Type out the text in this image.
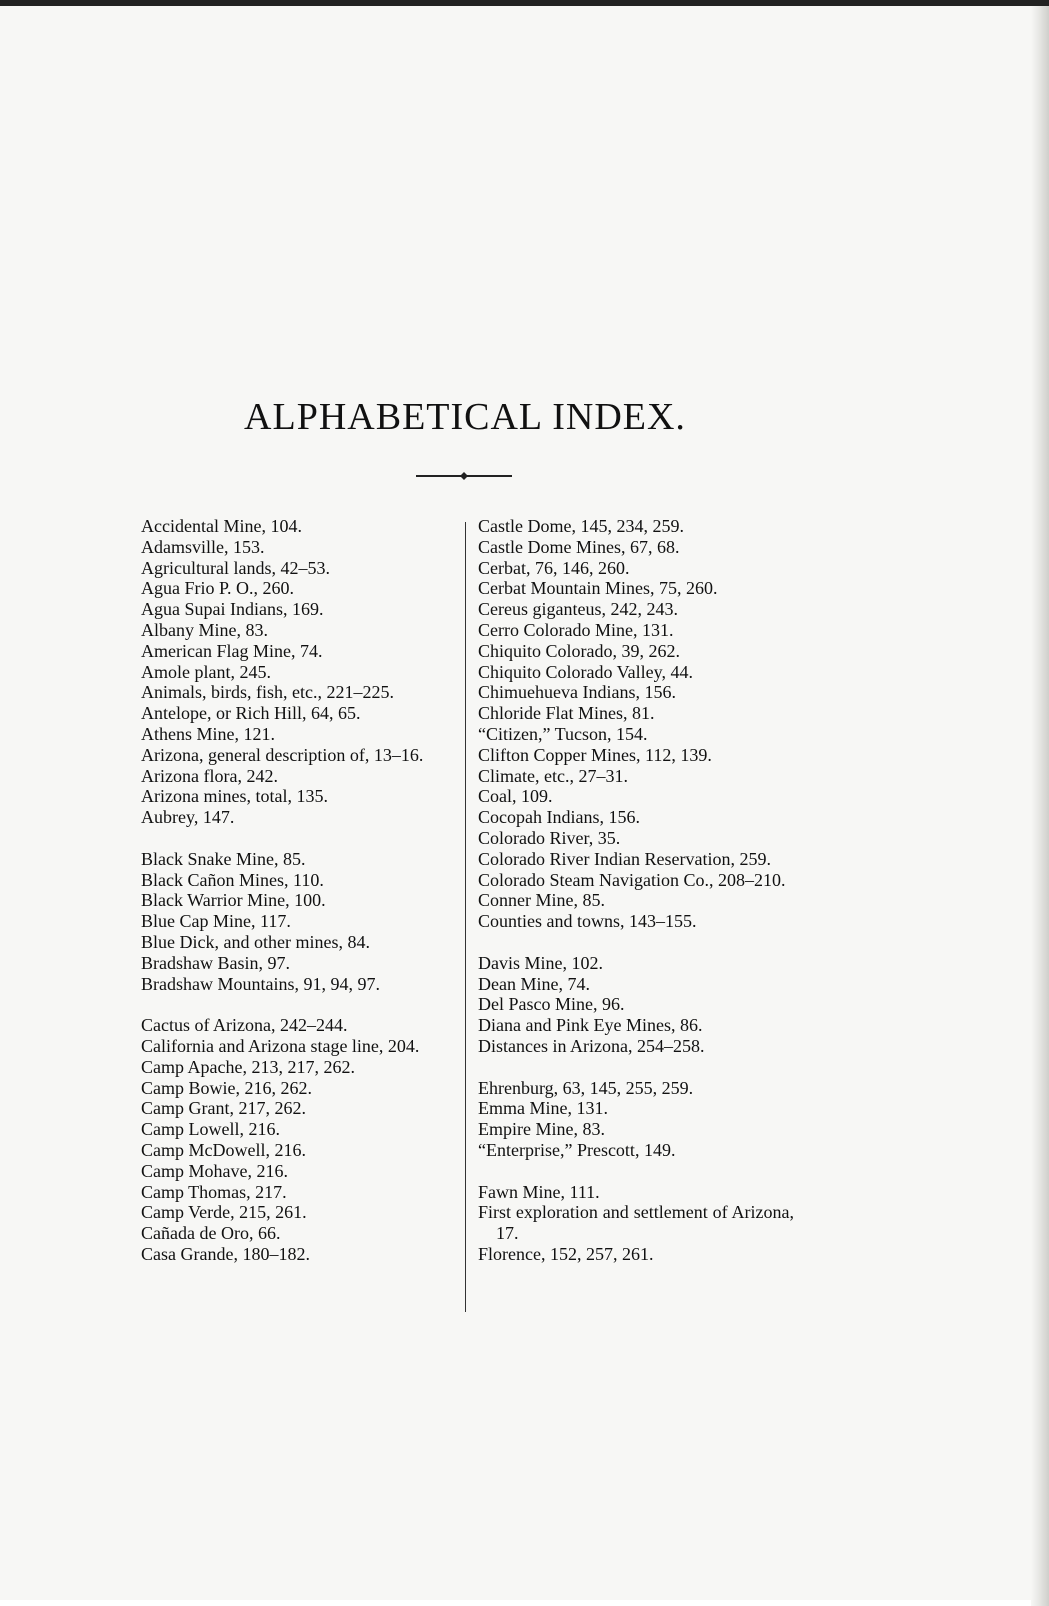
ALPHABETICAL INDEX.
Accidental Mine, 104.
Adamsville, 153.
Agricultural lands, 42–53.
Agua Frio P. O., 260.
Agua Supai Indians, 169.
Albany Mine, 83.
American Flag Mine, 74.
Amole plant, 245.
Animals, birds, fish, etc., 221–225.
Antelope, or Rich Hill, 64, 65.
Athens Mine, 121.
Arizona, general description of, 13–16.
Arizona flora, 242.
Arizona mines, total, 135.
Aubrey, 147.
Black Snake Mine, 85.
Black Cañon Mines, 110.
Black Warrior Mine, 100.
Blue Cap Mine, 117.
Blue Dick, and other mines, 84.
Bradshaw Basin, 97.
Bradshaw Mountains, 91, 94, 97.
Cactus of Arizona, 242–244.
California and Arizona stage line, 204.
Camp Apache, 213, 217, 262.
Camp Bowie, 216, 262.
Camp Grant, 217, 262.
Camp Lowell, 216.
Camp McDowell, 216.
Camp Mohave, 216.
Camp Thomas, 217.
Camp Verde, 215, 261.
Cañada de Oro, 66.
Casa Grande, 180–182.
Castle Dome, 145, 234, 259.
Castle Dome Mines, 67, 68.
Cerbat, 76, 146, 260.
Cerbat Mountain Mines, 75, 260.
Cereus giganteus, 242, 243.
Cerro Colorado Mine, 131.
Chiquito Colorado, 39, 262.
Chiquito Colorado Valley, 44.
Chimuehueva Indians, 156.
Chloride Flat Mines, 81.
“Citizen,” Tucson, 154.
Clifton Copper Mines, 112, 139.
Climate, etc., 27–31.
Coal, 109.
Cocopah Indians, 156.
Colorado River, 35.
Colorado River Indian Reservation, 259.
Colorado Steam Navigation Co., 208–210.
Conner Mine, 85.
Counties and towns, 143–155.
Davis Mine, 102.
Dean Mine, 74.
Del Pasco Mine, 96.
Diana and Pink Eye Mines, 86.
Distances in Arizona, 254–258.
Ehrenburg, 63, 145, 255, 259.
Emma Mine, 131.
Empire Mine, 83.
“Enterprise,” Prescott, 149.
Fawn Mine, 111.
First exploration and settlement of Arizona, 17.
Florence, 152, 257, 261.
